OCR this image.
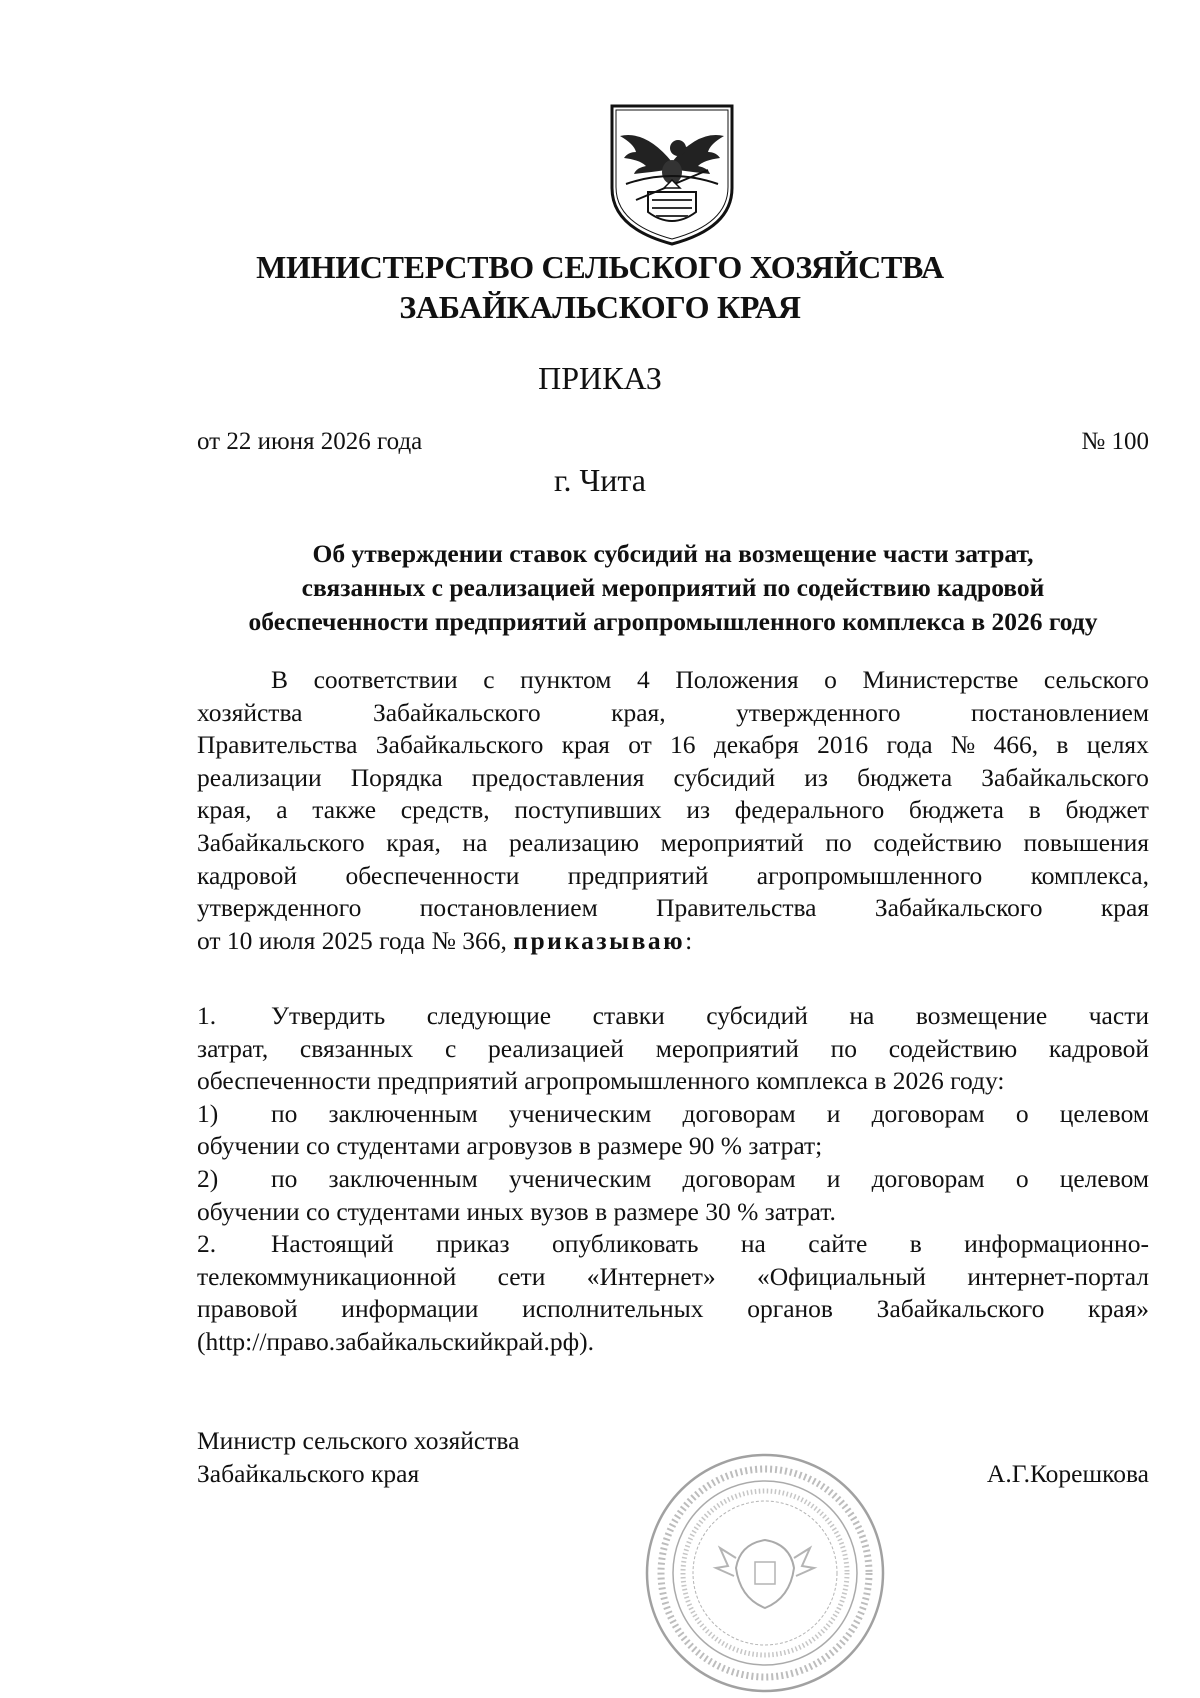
МИНИСТЕРСТВО СЕЛЬСКОГО ХОЗЯЙСТВА
ЗАБАЙКАЛЬСКОГО КРАЯ
ПРИКАЗ
от 22 июня 2026 года	№ 100
г. Чита
Об утверждении ставок субсидий на возмещение части затрат,
связанных с реализацией мероприятий по содействию кадровой
обеспеченности предприятий агропромышленного комплекса в 2026 году
В соответствии с пунктом 4 Положения о Министерстве сельского
хозяйства	Забайкальского	края,	утвержденного	постановлением
Правительства Забайкальского края от 16 декабря 2016 года № 466, в целях
реализации Порядка предоставления субсидий из бюджета Забайкальского
края, а также средств, поступивших из федерального бюджета в бюджет
Забайкальского края, на реализацию мероприятий по содействию повышения
кадровой обеспеченности предприятий агропромышленного комплекса,
утвержденного постановлением Правительства Забайкальского края
от 10 июля 2025 года № 366, приказываю:
1. Утвердить следующие ставки субсидий на возмещение части
затрат, связанных с реализацией мероприятий по содействию кадровой
обеспеченности предприятий агропромышленного комплекса в 2026 году:
1) по заключенным ученическим договорам и договорам о целевом
обучении со студентами агровузов в размере 90 % затрат;
2) по заключенным ученическим договорам и договорам о целевом
обучении со студентами иных вузов в размере 30 % затрат.
2. Настоящий приказ опубликовать на сайте в информационно-
телекоммуникационной сети «Интернет» «Официальный интернет-портал
правовой информации исполнительных органов Забайкальского края»
(http://право.забайкальскийкрай.рф).
Министр сельского хозяйства
Забайкальского края	А.Г.Корешкова
